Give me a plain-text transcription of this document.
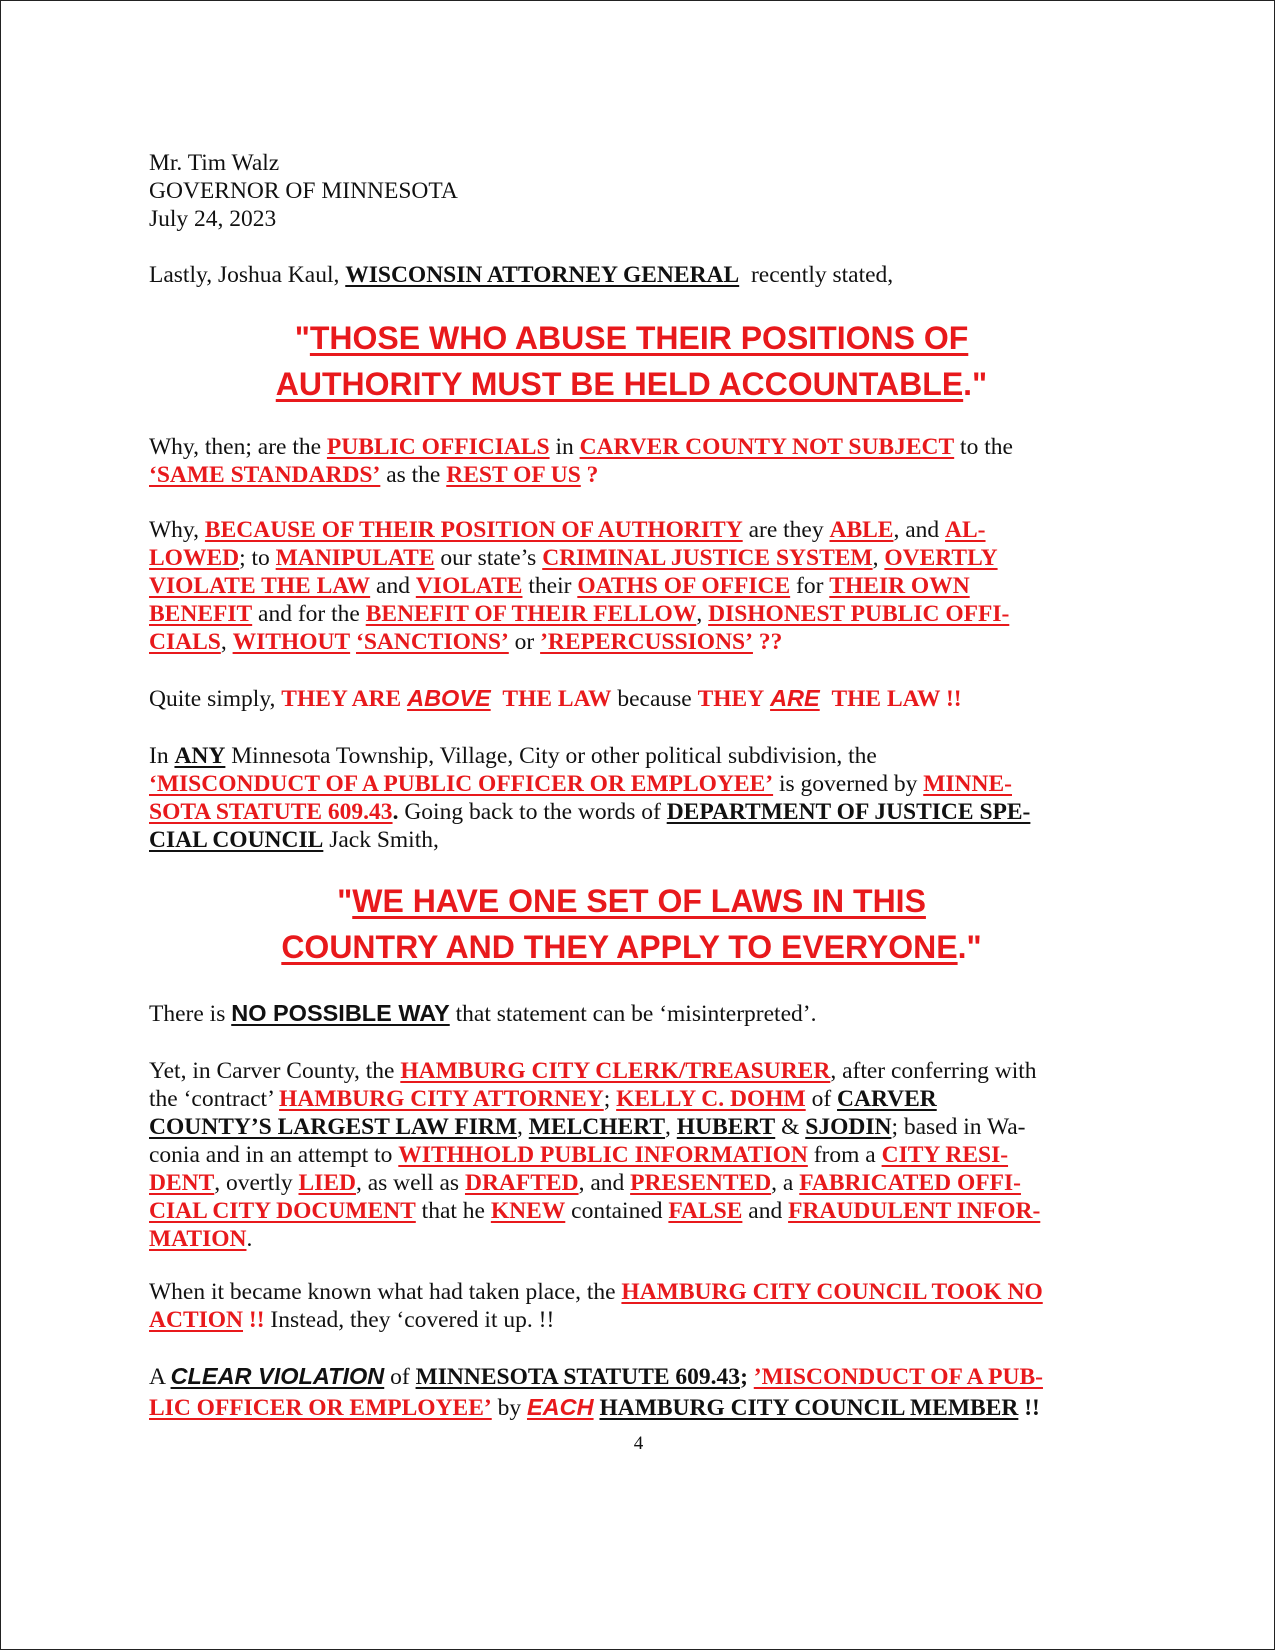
Mr. Tim Walz
GOVERNOR OF MINNESOTA
July 24, 2023
Lastly, Joshua Kaul, WISCONSIN ATTORNEY GENERAL recently stated,
"THOSE WHO ABUSE THEIR POSITIONS OF
AUTHORITY MUST BE HELD ACCOUNTABLE."
Why, then; are the PUBLIC OFFICIALS in CARVER COUNTY NOT SUBJECT to the
‘SAME STANDARDS’ as the REST OF US ?
Why, BECAUSE OF THEIR POSITION OF AUTHORITY are they ABLE, and AL-
LOWED; to MANIPULATE our state’s CRIMINAL JUSTICE SYSTEM, OVERTLY
VIOLATE THE LAW and VIOLATE their OATHS OF OFFICE for THEIR OWN
BENEFIT and for the BENEFIT OF THEIR FELLOW, DISHONEST PUBLIC OFFI-
CIALS, WITHOUT ‘SANCTIONS’ or ’REPERCUSSIONS’ ??
Quite simply, THEY ARE ABOVE THE LAW because THEY ARE THE LAW !!
In ANY Minnesota Township, Village, City or other political subdivision, the
‘MISCONDUCT OF A PUBLIC OFFICER OR EMPLOYEE’ is governed by MINNE-
SOTA STATUTE 609.43. Going back to the words of DEPARTMENT OF JUSTICE SPE-
CIAL COUNCIL Jack Smith,
"WE HAVE ONE SET OF LAWS IN THIS
COUNTRY AND THEY APPLY TO EVERYONE."
There is NO POSSIBLE WAY that statement can be ‘misinterpreted’.
Yet, in Carver County, the HAMBURG CITY CLERK/TREASURER, after conferring with
the ‘contract’ HAMBURG CITY ATTORNEY; KELLY C. DOHM of CARVER
COUNTY’S LARGEST LAW FIRM, MELCHERT, HUBERT & SJODIN; based in Wa-
conia and in an attempt to WITHHOLD PUBLIC INFORMATION from a CITY RESI-
DENT, overtly LIED, as well as DRAFTED, and PRESENTED, a FABRICATED OFFI-
CIAL CITY DOCUMENT that he KNEW contained FALSE and FRAUDULENT INFOR-
MATION.
When it became known what had taken place, the HAMBURG CITY COUNCIL TOOK NO
ACTION !! Instead, they ‘covered it up. !!
A CLEAR VIOLATION of MINNESOTA STATUTE 609.43; ’MISCONDUCT OF A PUB-
LIC OFFICER OR EMPLOYEE’ by EACH HAMBURG CITY COUNCIL MEMBER !!
4
